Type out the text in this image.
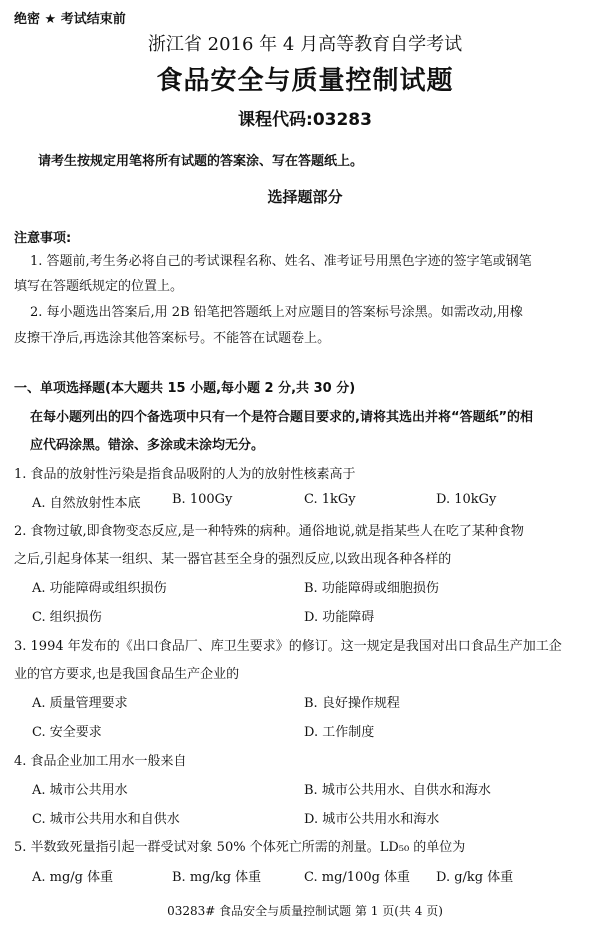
绝密 ★ 考试结束前
浙江省 2016 年 4 月高等教育自学考试
食品安全与质量控制试题
课程代码:03283
请考生按规定用笔将所有试题的答案涂、写在答题纸上。
选择题部分
注意事项:
1. 答题前,考生务必将自己的考试课程名称、姓名、准考证号用黑色字迹的签字笔或钢笔
填写在答题纸规定的位置上。
2. 每小题选出答案后,用 2B 铅笔把答题纸上对应题目的答案标号涂黑。如需改动,用橡
皮擦干净后,再选涂其他答案标号。不能答在试题卷上。
一、单项选择题(本大题共 15 小题,每小题 2 分,共 30 分)
在每小题列出的四个备选项中只有一个是符合题目要求的,请将其选出并将“答题纸”的相
应代码涂黑。错涂、多涂或未涂均无分。
1. 食品的放射性污染是指食品吸附的人为的放射性核素高于
A. 自然放射性本底 B. 100Gy	C. 1kGy	D. 10kGy
2. 食物过敏,即食物变态反应,是一种特殊的病种。通俗地说,就是指某些人在吃了某种食物
之后,引起身体某一组织、某一器官甚至全身的强烈反应,以致出现各种各样的
A. 功能障碍或组织损伤	B. 功能障碍或细胞损伤
C. 组织损伤	D. 功能障碍
3. 1994 年发布的《出口食品厂、库卫生要求》的修订。这一规定是我国对出口食品生产加工企
业的官方要求,也是我国食品生产企业的
A. 质量管理要求	B. 良好操作规程
C. 安全要求	D. 工作制度
4. 食品企业加工用水一般来自
A. 城市公共用水	B. 城市公共用水、自供水和海水
C. 城市公共用水和自供水	D. 城市公共用水和海水
5. 半数致死量指引起一群受试对象 50% 个体死亡所需的剂量。LD₅₀ 的单位为
A. mg/g 体重	B. mg/kg 体重	C. mg/100g 体重 D. g/kg 体重
03283# 食品安全与质量控制试题 第 1 页(共 4 页)
